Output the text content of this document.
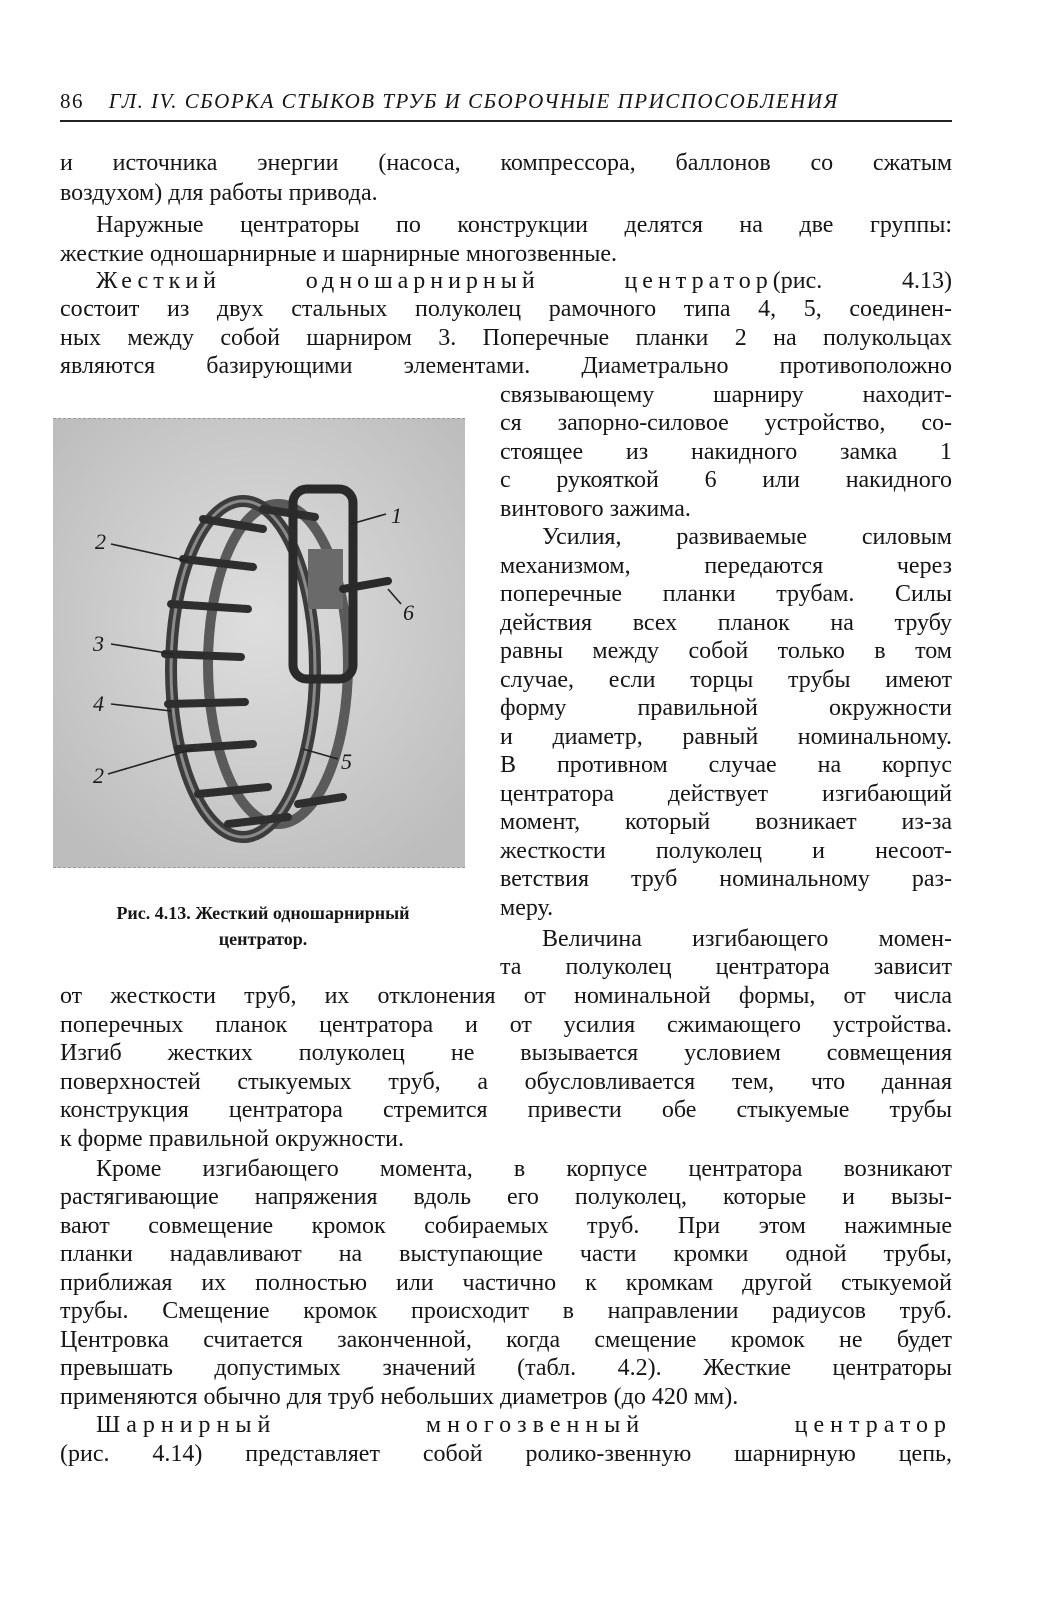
86 ГЛ. IV. СБОРКА СТЫКОВ ТРУБ И СБОРОЧНЫЕ ПРИСПОСОБЛЕНИЯ
и источника энергии (насоса, компрессора, баллонов со сжатым
воздухом) для работы привода.
Наружные центраторы по конструкции делятся на две группы:
жесткие одношарнирные и шарнирные многозвенные.
Жесткий одношарнирный центратор(рис. 4.13)
состоит из двух стальных полуколец рамочного типа 4, 5, соединен-
ных между собой шарниром 3. Поперечные планки 2 на полукольцах
являются базирующими элементами. Диаметрально противоположно
связывающему шарниру находит-
ся запорно-силовое устройство, со-
стоящее из накидного замка 1
с рукояткой 6 или накидного
винтового зажима.
Усилия, развиваемые силовым
механизмом, передаются через
поперечные планки трубам. Силы
действия всех планок на трубу
равны между собой только в том
случае, если торцы трубы имеют
форму правильной окружности
и диаметр, равный номинальному.
В противном случае на корпус
центратора действует изгибающий
момент, который возникает из-за
жесткости полуколец и несоот-
ветствия труб номинальному раз-
меру.
Величина изгибающего момен-
та полуколец центратора зависит
от жесткости труб, их отклонения от номинальной формы, от числа
поперечных планок центратора и от усилия сжимающего устройства.
Изгиб жестких полуколец не вызывается условием совмещения
поверхностей стыкуемых труб, а обусловливается тем, что данная
конструкция центратора стремится привести обе стыкуемые трубы
к форме правильной окружности.
Кроме изгибающего момента, в корпусе центратора возникают
растягивающие напряжения вдоль его полуколец, которые и вызы-
вают совмещение кромок собираемых труб. При этом нажимные
планки надавливают на выступающие части кромки одной трубы,
приближая их полностью или частично к кромкам другой стыкуемой
трубы. Смещение кромок происходит в направлении радиусов труб.
Центровка считается законченной, когда смещение кромок не будет
превышать допустимых значений (табл. 4.2). Жесткие центраторы
применяются обычно для труб небольших диаметров (до 420 мм).
Шарнирный многозвенный центратор
(рис. 4.14) представляет собой ролико-звенную шарнирную цепь,
2
1
3
6
4
5
2
Рис. 4.13. Жесткий одношарнирный
центратор.
